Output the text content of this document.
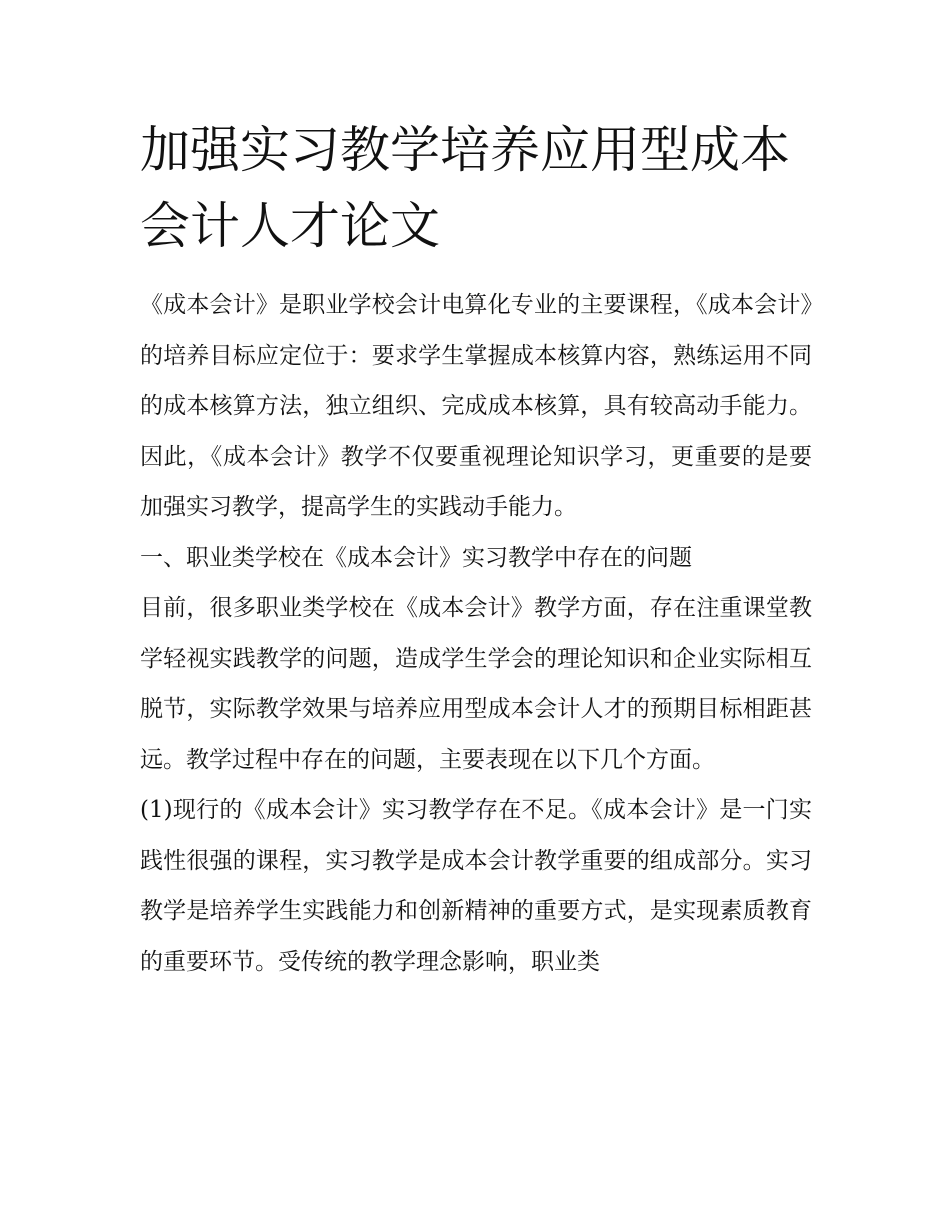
加强实习教学培养应用型成本会计人才论文

《成本会计》是职业学校会计电算化专业的主要课程，《成本会计》的培养目标应定位于：要求学生掌握成本核算内容，熟练运用不同的成本核算方法，独立组织、完成成本核算，具有较高动手能力。因此，《成本会计》教学不仅要重视理论知识学习，更重要的是要加强实习教学，提高学生的实践动手能力。

一、职业类学校在《成本会计》实习教学中存在的问题

目前，很多职业类学校在《成本会计》教学方面，存在注重课堂教学轻视实践教学的问题，造成学生学会的理论知识和企业实际相互脱节，实际教学效果与培养应用型成本会计人才的预期目标相距甚远。教学过程中存在的问题，主要表现在以下几个方面。

(1)现行的《成本会计》实习教学存在不足。《成本会计》是一门实践性很强的课程，实习教学是成本会计教学重要的组成部分。实习教学是培养学生实践能力和创新精神的重要方式，是实现素质教育的重要环节。受传统的教学理念影响，职业类
